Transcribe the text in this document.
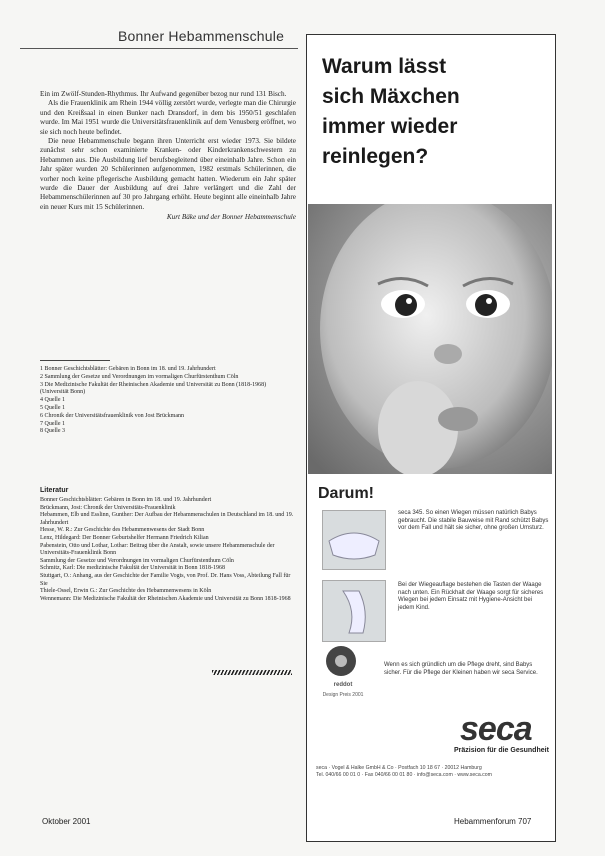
Bonner Hebammenschule

Ein im Zwölf-Stunden-Rhythmus. Ihr Aufwand gegenüber bezog nur rund 131 Bisch.

Als die Frauenklinik am Rhein 1944 völlig zerstört wurde, verlegte man die Chirurgie und den Kreißsaal in einen Bunker nach Dransdorf, in dem bis 1950/51 geschlafen wurde. Im Mai 1951 wurde die Universitätsfrauenklinik auf dem Venusberg eröffnet, wo sie sich noch heute befindet.

Die neue Hebammenschule begann ihren Unterricht erst wieder 1973. Sie bildete zunächst sehr schon examinierte Kranken- oder Kinderkrankenschwestern zu Hebammen aus. Die Ausbildung lief berufsbegleitend über eineinhalb Jahre. Schon ein Jahr später wurden 20 Schülerinnen aufgenommen, 1982 erstmals Schülerinnen, die vorher noch keine pflegerische Ausbildung gemacht hatten. Wiederum ein Jahr später wurde die Dauer der Ausbildung auf drei Jahre verlängert und die Zahl der Hebammenschülerinnen auf 30 pro Jahrgang erhöht. Heute beginnt alle eineinhalb Jahre ein neuer Kurs mit 15 Schülerinnen.

Kurt Bäke und der Bonner Hebammenschule
1 Bonner Geschichtsblätter: Gebären in Bonn im 18. und 19. Jahrhundert
2 Sammlung der Gesetze und Verordnungen im vormaligen Churfürstenthum Cöln
3 Die Medizinische Fakultät der Rheinischen Akademie und Universität zu Bonn (1818-1968) (Universität Bonn)
4 Quelle 1
5 Quelle 1
6 Chronik der Universitätsfrauenklinik von Jost Brückmann
7 Quelle 1
8 Quelle 3
Literatur
Bonner Geschichtsblätter: Gebären in Bonn im 18. und 19. Jahrhundert
Brückmann, Jost: Chronik der Universitäts-Frauenklinik
Hebammen, Elb und Esslinn, Gunther: Der Aufbau der Hebammenschulen in Deutschland im 18. und 19. Jahrhundert
Hesse, W. R.: Zur Geschichte des Hebammenwesens der Stadt Bonn
Lenz, Hildegard: Der Bonner Geburtshelfer Hermann Friedrich Kilian
Pabenstein, Otto und Lothar, Lothar: Beitrag über die Anstalt, sowie unsere Hebammenschule der Universitäts-Frauenklinik Bonn
Sammlung der Gesetze und Verordnungen im vormaligen Churfürstenthum Cöln
Schmitz, Karl: Die medizinische Fakultät der Universität in Bonn 1818-1968
Stuttgart, O.: Anhang, aus der Geschichte der Familie Vogts, von Prof. Dr. Hans Voss, Abteilung Fall für Sie
Thiele-Ossel, Erwin G.: Zur Geschichte des Hebammenwesens in Köln
Wennemann: Die Medizinische Fakultät der Rheinischen Akademie und Universität zu Bonn 1818-1968
Warum lässt
sich Mäxchen
immer wieder
reinlegen?
Darum!
seca 345. So einen Wiegen müssen natürlich Babys gebraucht. Die stabile Bauweise mit Rand schützt Babys vor dem Fall und hält sie sicher, ohne großen Umsturz.
Bei der Wiegeauflage bestehen die Tasten der Waage nach unten. Ein Rückhalt der Waage sorgt für sicheres Wiegen bei jedem Einsatz mit Hygiene-Ansicht bei jedem Kind.
reddot
Design Preis 2001
Wenn es sich gründlich um die Pflege dreht, sind Babys sicher. Für die Pflege der Kleinen haben wir seca Service.
seca
Präzision für die Gesundheit
seca · Vogel & Halke GmbH & Co · Postfach 10 18 67 · 20012 Hamburg
Tel. 040/66 00 01 0 · Fax 040/66 00 01 80 · info@seca.com · www.seca.com
Oktober 2001	Hebammenforum 707
